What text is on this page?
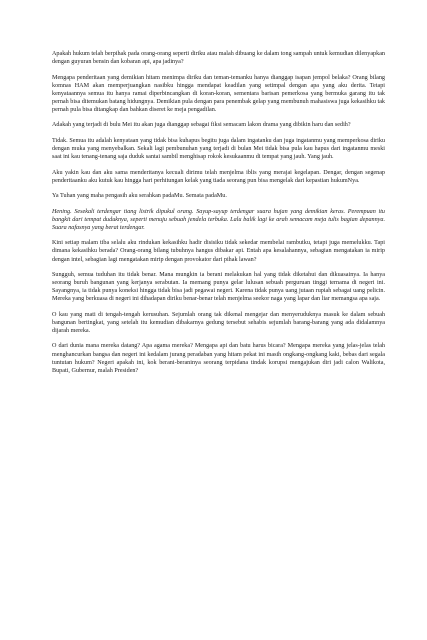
Apakah hukum telah berpihak pada orang-orang seperti diriku atau malah dibuang ke dalam tong sampah untuk kemudian dilenyapkan dengan guyuran bensin dan kobaran api, apa jadinya?

Mengapa penderitaan yang demikian hitam menimpa diriku dan teman-temanku hanya dianggap isapan jempol belaka? Orang bilang komnas HAM akan memperjuangkan nasibku hingga mendapat keadilan yang setimpal dengan apa yang aku derita. Tetapi kenyataannya semua itu hanya ramai diperbincangkan di koran-koran, sementara barisan pemerkosa yang bermuka garang itu tak pernah bisa ditemukan batang hidungnya. Demikian pula dengan para penembak gelap yang membunuh mahasiswa juga kekasihku tak pernah pula bisa ditangkap dan bahkan diseret ke meja pengadilan.

Adakah yang terjadi di bulu Mei itu akan juga dianggap sebagai fiksi semacam lakon drama yang dibikin haru dan sedih?

Tidak. Semua itu adalah kenyataan yang tidak bisa kuhapus begitu juga dalam ingatanku dan juga ingatanmu yang memperkosa diriku dengan muka yang menyebalkan. Sekali lagi pembunuhan yang terjadi di bulan Mei tidak bisa pula kau hapus dari ingatanmu meski saat ini kau tenang-tenang saja duduk santai sambil menghisap rokok kesukaanmu di tempat yang jauh. Yang jauh.

Aku yakin kau dan aku sama menderitanya kecuali dirimu telah menjelma iblis yang merajai kegelapan. Dengar, dengan segenap penderitaanku aku kutuk kau hingga hari perhitungan kelak yang tiada seorang pun bisa mengelak dari kepastian hukumNya.

Ya Tuhan yang maha pengasih aku serahkan padaMu. Semata padaMu.

Hening. Sesekali terdengar tiang listrik dipukul orang. Sayup-sayup terdengar suara hujan yang demikian keras. Perempuan itu bangkit dari tempat duduknya, seperti menuju sebuah jendela terbuka. Lalu balik lagi ke arah semacam meja tulis bagian depannya. Suara nafasnya yang berat terdengar.

Kini setiap malam tiba selalu aku rindukan kekasihku hadir disisiku tidak sekedar membelai rambutku, tetapi juga memelukku. Tapi dimana kekasihku berada? Orang-orang bilang tubuhnya hangus dibakar api. Entah apa kesalahannya, sebagian mengatakan ia mirip dengan intel, sebagian lagi mengatakan mirip dengan provokator dari pihak lawan?

Sungguh, semua tuduhan itu tidak benar. Mana mungkin ia berani melakukan hal yang tidak diketahui dan dikuasainya. Ia hanya seorang buruh bangunan yang kerjanya serabutan. Ia memang punya gelar lulusan sebuah perguruan tinggi ternama di negeri ini. Sayangnya, ia tidak punya koneksi hingga tidak bisa jadi pegawai negeri. Karena tidak punya uang jutaan rupiah sebagai uang pelicin. Mereka yang berkuasa di negeri ini dihadapan diriku benar-benar telah menjelma seekor naga yang lapar dan liar memangsa apa saja.

O kau yang mati di tengah-tengah kerusuhan. Sejumlah orang tak dikenal mengejar dan menyeruduknya masuk ke dalam sebuah bangunan bertingkat, yang setelah itu kemudian dibakarnya gedung tersebut sehabis sejumlah barang-barang yang ada didalamnya dijarah mereka.

O dari dunia mana mereka datang? Apa agama mereka? Mengapa api dan batu harus bicara? Mengapa mereka yang jelas-jelas telah menghancurkan bangsa dan negeri ini kedalam jurang peradaban yang hitam pekat ini masih ongkang-ongkang kaki, bebas dari segala tuntutan hukum? Negeri apakah ini, kok berani-beraninya seorang terpidana tindak korupsi mengajukan diri jadi calon Walikota, Bupati, Gubernur, malah Presiden?
